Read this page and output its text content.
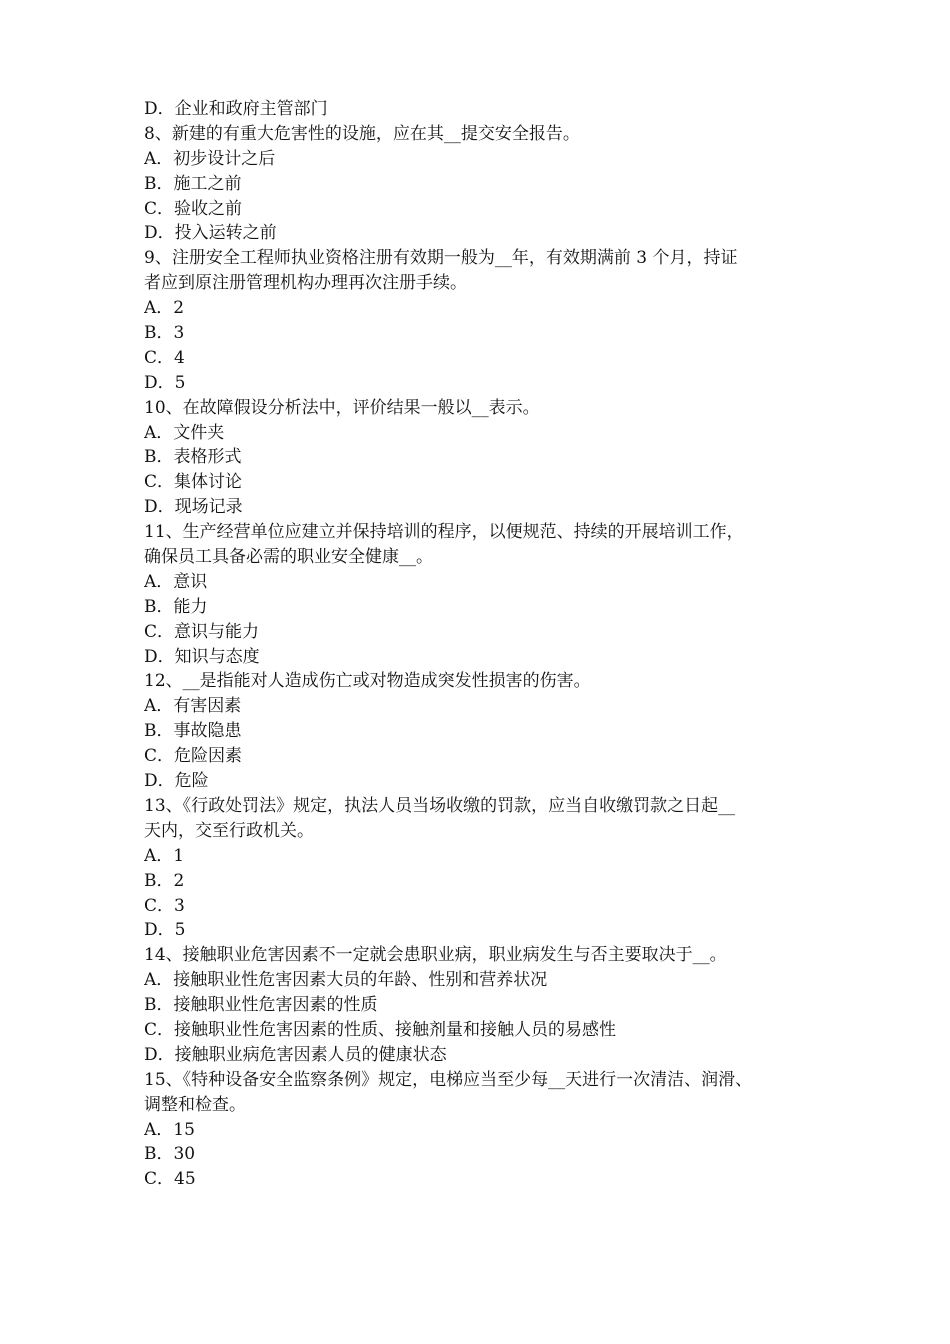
D．企业和政府主管部门
8、新建的有重大危害性的设施，应在其__提交安全报告。
A．初步设计之后
B．施工之前
C．验收之前
D．投入运转之前
9、注册安全工程师执业资格注册有效期一般为__年，有效期满前 3 个月，持证
者应到原注册管理机构办理再次注册手续。
A．2
B．3
C．4
D．5
10、在故障假设分析法中，评价结果一般以__表示。
A．文件夹
B．表格形式
C．集体讨论
D．现场记录
11、生产经营单位应建立并保持培训的程序，以便规范、持续的开展培训工作，
确保员工具备必需的职业安全健康__。
A．意识
B．能力
C．意识与能力
D．知识与态度
12、__是指能对人造成伤亡或对物造成突发性损害的伤害。
A．有害因素
B．事故隐患
C．危险因素
D．危险
13、《行政处罚法》规定，执法人员当场收缴的罚款，应当自收缴罚款之日起__
天内，交至行政机关。
A．1
B．2
C．3
D．5
14、接触职业危害因素不一定就会患职业病，职业病发生与否主要取决于__。
A．接触职业性危害因素大员的年龄、性别和营养状况
B．接触职业性危害因素的性质
C．接触职业性危害因素的性质、接触剂量和接触人员的易感性
D．接触职业病危害因素人员的健康状态
15、《特种设备安全监察条例》规定，电梯应当至少每__天进行一次清洁、润滑、
调整和检查。
A．15
B．30
C．45
